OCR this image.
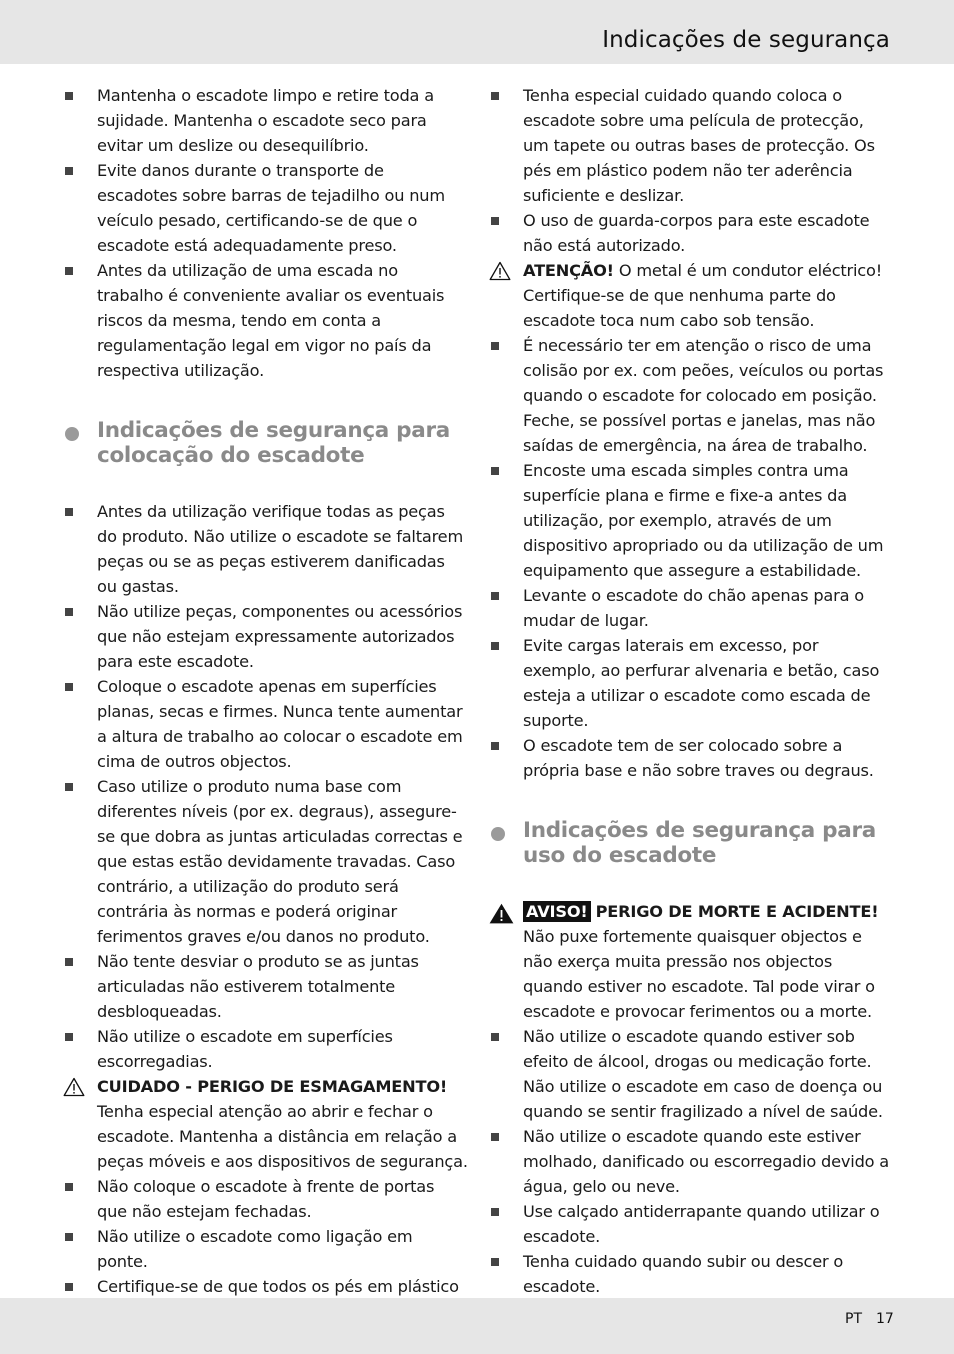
Indicações de segurança
Mantenha o escadote limpo e retire toda a sujidade. Mantenha o escadote seco para evitar um deslize ou desequilíbrio.
Evite danos durante o transporte de escadotes sobre barras de tejadilho ou num veículo pesado, certificando-se de que o escadote está adequadamente preso.
Antes da utilização de uma escada no trabalho é conveniente avaliar os eventuais riscos da mesma, tendo em conta a regulamentação legal em vigor no país da respectiva utilização.
Indicações de segurança para colocação do escadote
Antes da utilização verifique todas as peças do produto. Não utilize o escadote se faltarem peças ou se as peças estiverem danificadas ou gastas.
Não utilize peças, componentes ou acessórios que não estejam expressamente autorizados para este escadote.
Coloque o escadote apenas em superfícies planas, secas e firmes. Nunca tente aumentar a altura de trabalho ao colocar o escadote em cima de outros objectos.
Caso utilize o produto numa base com diferentes níveis (por ex. degraus), assegure-se que dobra as juntas articuladas correctas e que estas estão devidamente travadas. Caso contrário, a utilização do produto será contrária às normas e poderá originar ferimentos graves e/ou danos no produto.
Não tente desviar o produto se as juntas articuladas não estiverem totalmente desbloqueadas.
Não utilize o escadote em superfícies escorregadias.
CUIDADO - PERIGO DE ESMAGAMENTO!
Tenha especial atenção ao abrir e fechar o escadote. Mantenha a distância em relação a peças móveis e aos dispositivos de segurança.
Não coloque o escadote à frente de portas que não estejam fechadas.
Não utilize o escadote como ligação em ponte.
Certifique-se de que todos os pés em plástico
Tenha especial cuidado quando coloca o escadote sobre uma película de protecção, um tapete ou outras bases de protecção. Os pés em plástico podem não ter aderência suficiente e deslizar.
O uso de guarda-corpos para este escadote não está autorizado.
ATENÇÃO! O metal é um condutor eléctrico! Certifique-se de que nenhuma parte do escadote toca num cabo sob tensão.
É necessário ter em atenção o risco de uma colisão por ex. com peões, veículos ou portas quando o escadote for colocado em posição. Feche, se possível portas e janelas, mas não saídas de emergência, na área de trabalho.
Encoste uma escada simples contra uma superfície plana e firme e fixe-a antes da utilização, por exemplo, através de um dispositivo apropriado ou da utilização de um equipamento que assegure a estabilidade.
Levante o escadote do chão apenas para o mudar de lugar.
Evite cargas laterais em excesso, por exemplo, ao perfurar alvenaria e betão, caso esteja a utilizar o escadote como escada de suporte.
O escadote tem de ser colocado sobre a própria base e não sobre traves ou degraus.
Indicações de segurança para uso do escadote
AVISO! PERIGO DE MORTE E ACIDENTE! Não puxe fortemente quaisquer objectos e não exerça muita pressão nos objectos quando estiver no escadote. Tal pode virar o escadote e provocar ferimentos ou a morte.
Não utilize o escadote quando estiver sob efeito de álcool, drogas ou medicação forte. Não utilize o escadote em caso de doença ou quando se sentir fragilizado a nível de saúde.
Não utilize o escadote quando este estiver molhado, danificado ou escorregadio devido a água, gelo ou neve.
Use calçado antiderrapante quando utilizar o escadote.
Tenha cuidado quando subir ou descer o escadote.
PT 17
